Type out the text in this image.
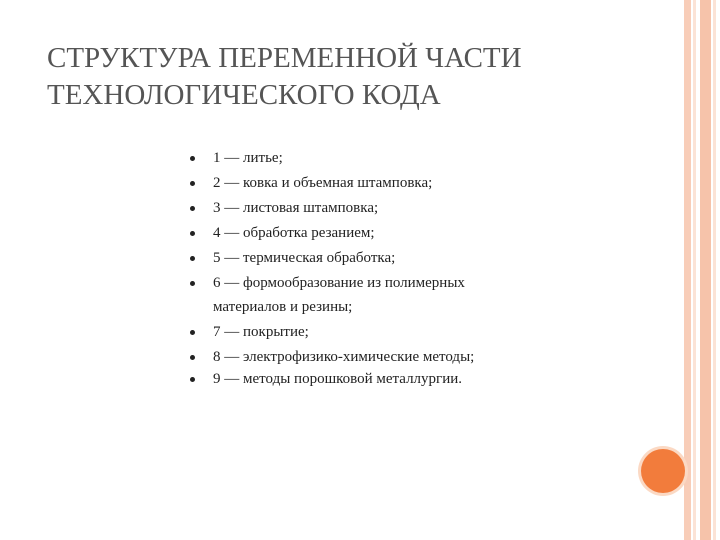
СТРУКТУРА ПЕРЕМЕННОЙ ЧАСТИ
ТЕХНОЛОГИЧЕСКОГО КОДА
1 — литье;
2 — ковка и объемная штамповка;
3 — листовая штамповка;
4 — обработка резанием;
5 — термическая обработка;
6 — формообразование из полимерных материалов и резины;
7 — покрытие;
8 — электрофизико-химические методы;
9 — методы порошковой металлургии.
